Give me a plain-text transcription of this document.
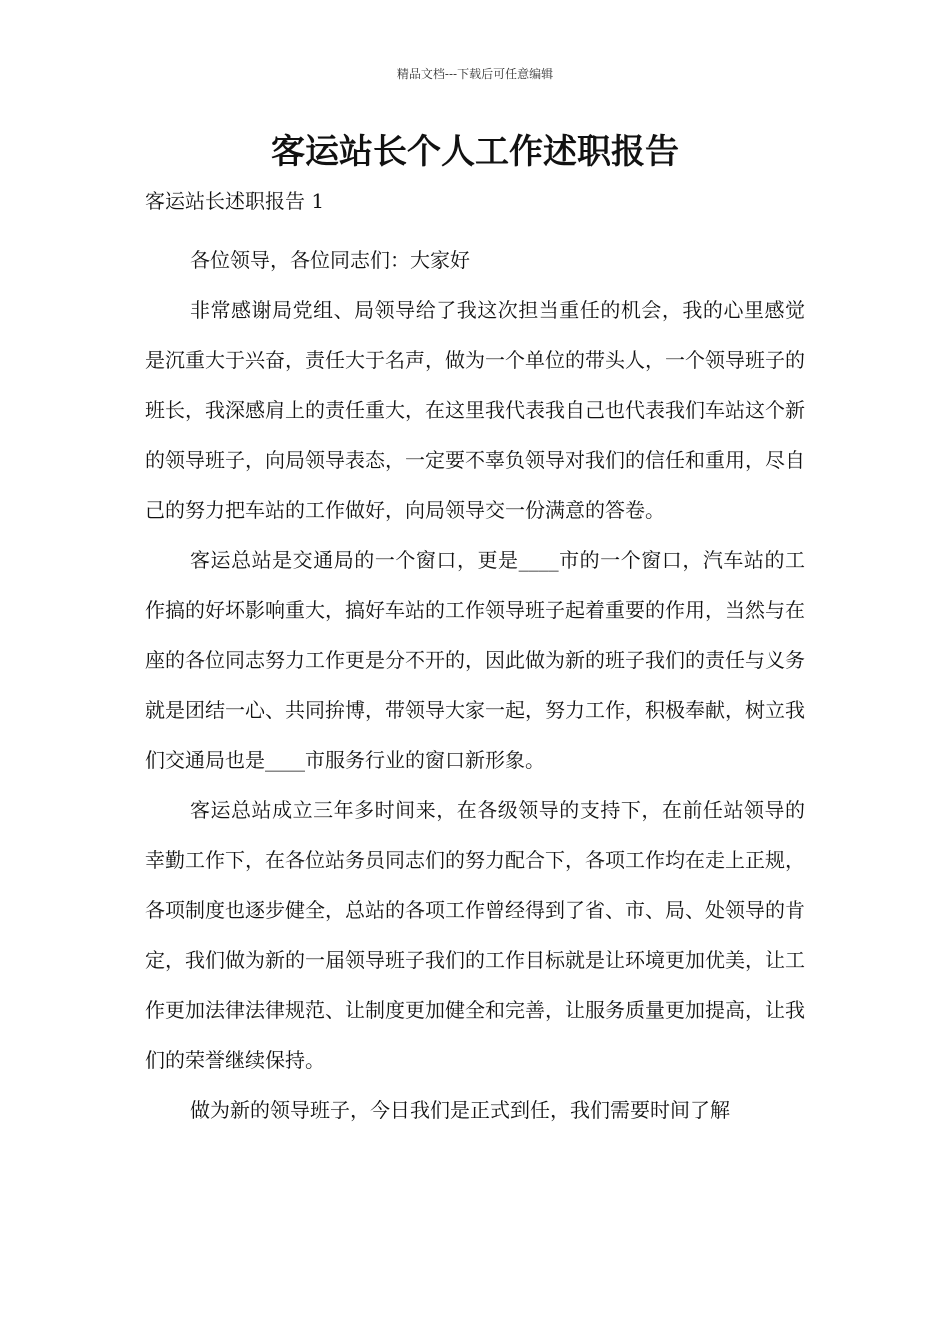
精品文档---下载后可任意编辑
客运站长个人工作述职报告

客运站长述职报告 1

各位领导，各位同志们：大家好

非常感谢局党组、局领导给了我这次担当重任的机会，我的心里感觉是沉重大于兴奋，责任大于名声，做为一个单位的带头人，一个领导班子的班长，我深感肩上的责任重大，在这里我代表我自己也代表我们车站这个新的领导班子，向局领导表态，一定要不辜负领导对我们的信任和重用，尽自己的努力把车站的工作做好，向局领导交一份满意的答卷。

客运总站是交通局的一个窗口，更是____市的一个窗口，汽车站的工作搞的好坏影响重大，搞好车站的工作领导班子起着重要的作用，当然与在座的各位同志努力工作更是分不开的，因此做为新的班子我们的责任与义务就是团结一心、共同拚博，带领导大家一起，努力工作，积极奉献，树立我们交通局也是____市服务行业的窗口新形象。

客运总站成立三年多时间来，在各级领导的支持下，在前任站领导的幸勤工作下，在各位站务员同志们的努力配合下，各项工作均在走上正规，各项制度也逐步健全，总站的各项工作曾经得到了省、市、局、处领导的肯定，我们做为新的一届领导班子我们的工作目标就是让环境更加优美，让工作更加法律法律规范、让制度更加健全和完善，让服务质量更加提高，让我们的荣誉继续保持。

做为新的领导班子，今日我们是正式到任，我们需要时间了解
